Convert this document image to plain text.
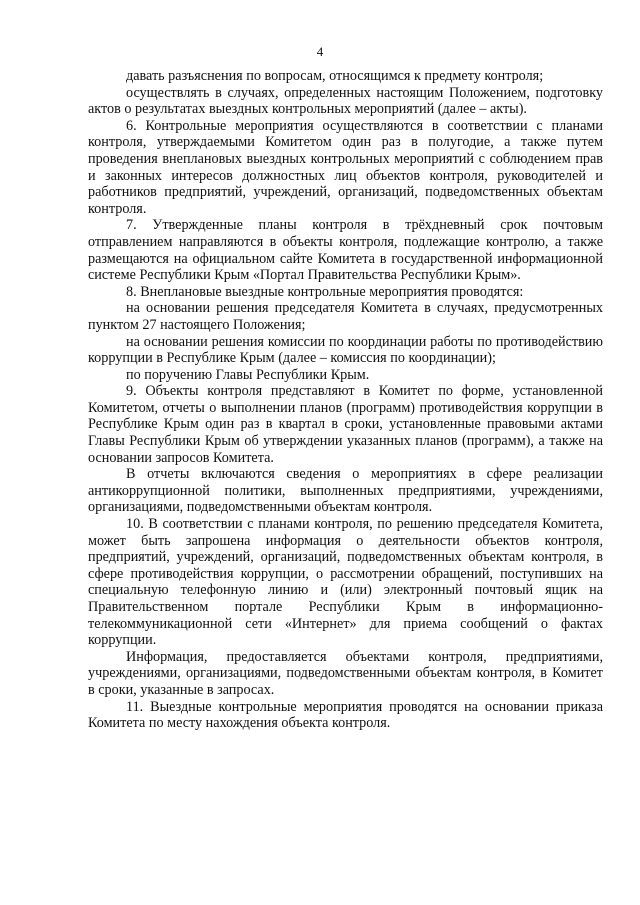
4

давать разъяснения по вопросам, относящимся к предмету контроля;

осуществлять в случаях, определенных настоящим Положением, подготовку актов о результатах выездных контрольных мероприятий (далее – акты).

6. Контрольные мероприятия осуществляются в соответствии с планами контроля, утверждаемыми Комитетом один раз в полугодие, а также путем проведения внеплановых выездных контрольных мероприятий с соблюдением прав и законных интересов должностных лиц объектов контроля, руководителей и работников предприятий, учреждений, организаций, подведомственных объектам контроля.

7. Утвержденные планы контроля в трёхдневный срок почтовым отправлением направляются в объекты контроля, подлежащие контролю, а также размещаются на официальном сайте Комитета в государственной информационной системе Республики Крым «Портал Правительства Республики Крым».

8. Внеплановые выездные контрольные мероприятия проводятся:

на основании решения председателя Комитета в случаях, предусмотренных пунктом 27 настоящего Положения;

на основании решения комиссии по координации работы по противодействию коррупции в Республике Крым (далее – комиссия по координации);

по поручению Главы Республики Крым.

9. Объекты контроля представляют в Комитет по форме, установленной Комитетом, отчеты о выполнении планов (программ) противодействия коррупции в Республике Крым один раз в квартал в сроки, установленные правовыми актами Главы Республики Крым об утверждении указанных планов (программ), а также на основании запросов Комитета.

В отчеты включаются сведения о мероприятиях в сфере реализации антикоррупционной политики, выполненных предприятиями, учреждениями, организациями, подведомственными объектам контроля.

10. В соответствии с планами контроля, по решению председателя Комитета, может быть запрошена информация о деятельности объектов контроля, предприятий, учреждений, организаций, подведомственных объектам контроля, в сфере противодействия коррупции, о рассмотрении обращений, поступивших на специальную телефонную линию и (или) электронный почтовый ящик на Правительственном портале Республики Крым в информационно-телекоммуникационной сети «Интернет» для приема сообщений о фактах коррупции.

Информация, предоставляется объектами контроля, предприятиями, учреждениями, организациями, подведомственными объектам контроля, в Комитет в сроки, указанные в запросах.

11. Выездные контрольные мероприятия проводятся на основании приказа Комитета по месту нахождения объекта контроля.
